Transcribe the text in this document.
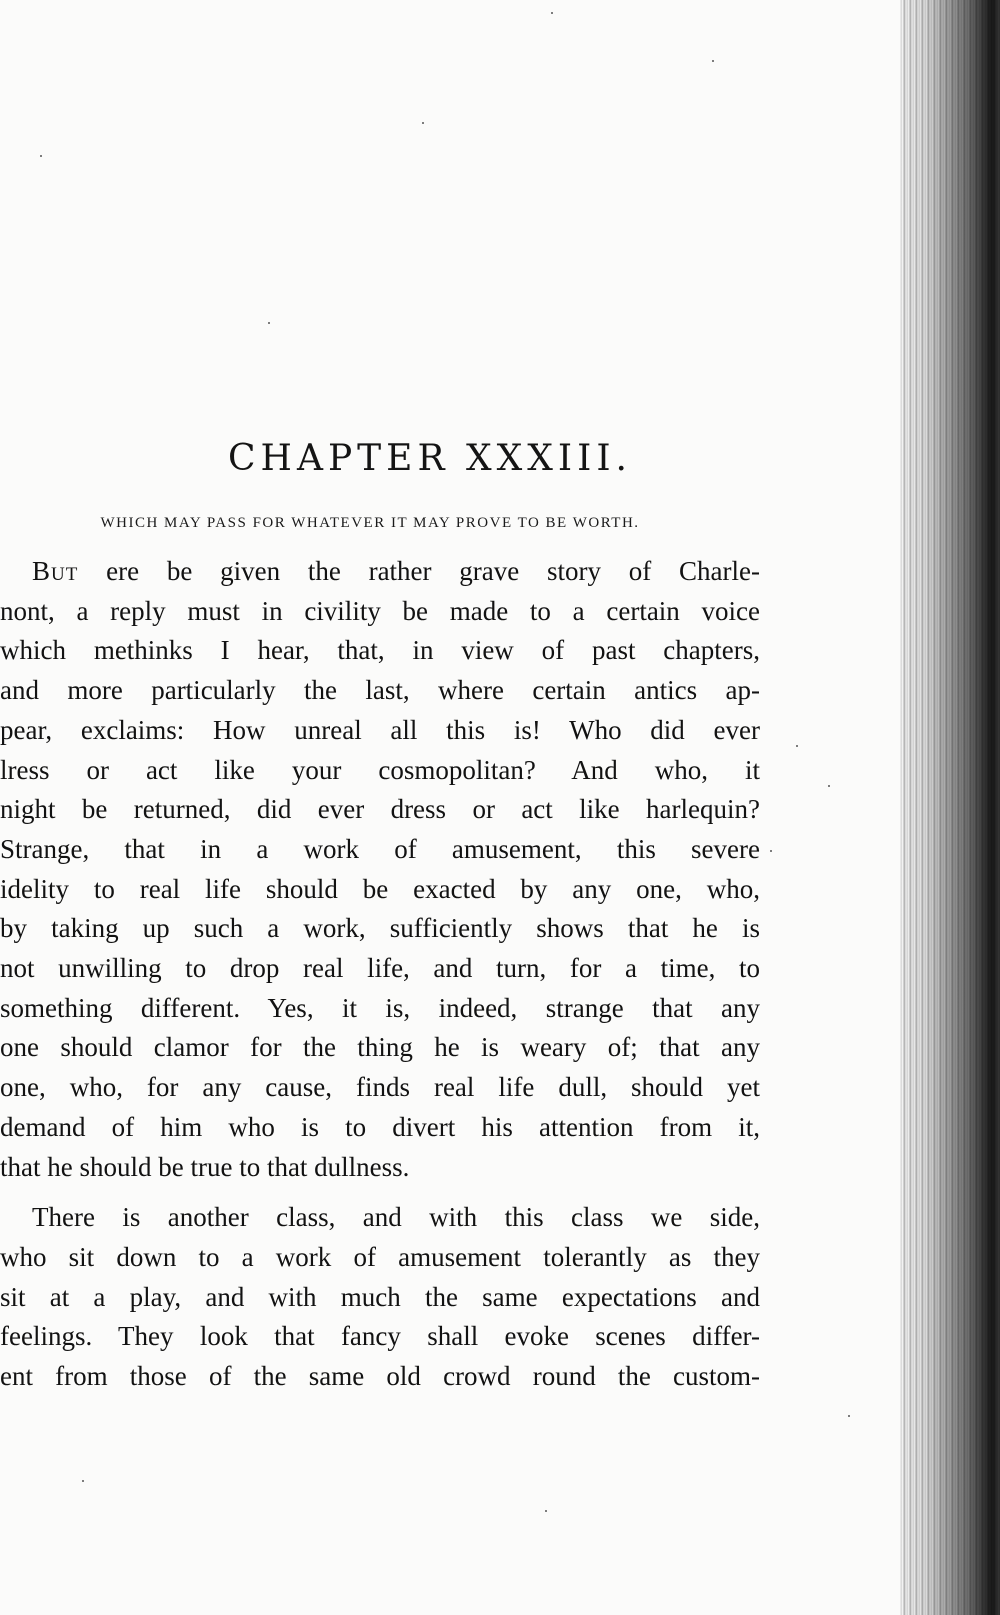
CHAPTER XXXIII.
WHICH MAY PASS FOR WHATEVER IT MAY PROVE TO BE WORTH.
But ere be given the rather grave story of Charle-
nont, a reply must in civility be made to a certain voice
which methinks I hear, that, in view of past chapters,
and more particularly the last, where certain antics ap-
pear, exclaims: How unreal all this is! Who did ever
lress or act like your cosmopolitan? And who, it
night be returned, did ever dress or act like harlequin?
Strange, that in a work of amusement, this severe
idelity to real life should be exacted by any one, who,
by taking up such a work, sufficiently shows that he is
not unwilling to drop real life, and turn, for a time, to
something different. Yes, it is, indeed, strange that any
one should clamor for the thing he is weary of; that any
one, who, for any cause, finds real life dull, should yet
demand of him who is to divert his attention from it,
that he should be true to that dullness.
There is another class, and with this class we side,
who sit down to a work of amusement tolerantly as they
sit at a play, and with much the same expectations and
feelings. They look that fancy shall evoke scenes differ-
ent from those of the same old crowd round the custom-
